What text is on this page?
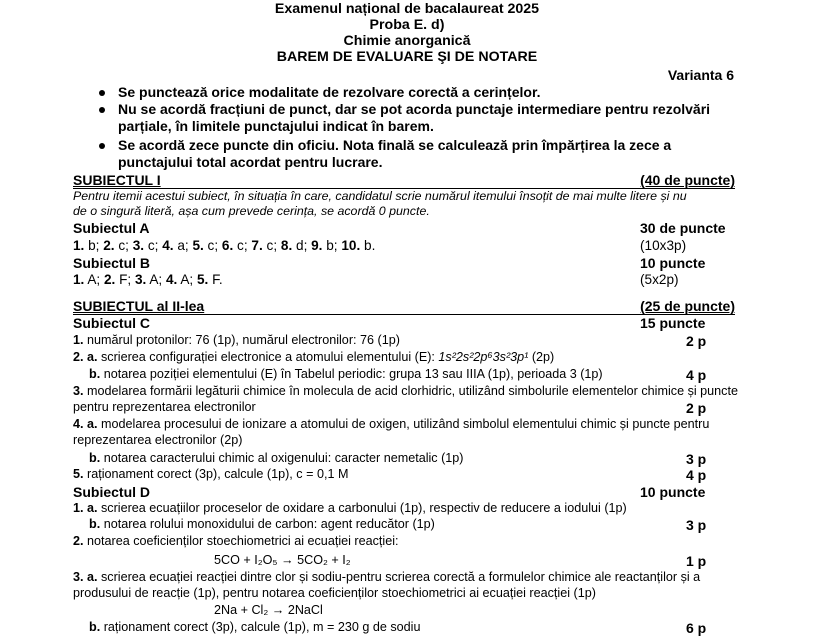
Examenul național de bacalaureat 2025
Proba E. d)
Chimie anorganică
BAREM DE EVALUARE ŞI DE NOTARE
Varianta 6
Se punctează orice modalitate de rezolvare corectă a cerințelor.
Nu se acordă fracțiuni de punct, dar se pot acorda punctaje intermediare pentru rezolvări
parțiale, în limitele punctajului indicat în barem.
Se acordă zece puncte din oficiu. Nota finală se calculează prin împărțirea la zece a
punctajului total acordat pentru lucrare.
SUBIECTUL I	(40 de puncte)
Pentru itemii acestui subiect, în situația în care, candidatul scrie numărul itemului însoțit de mai multe litere și nu
de o singură literă, așa cum prevede cerința, se acordă 0 puncte.
Subiectul A	30 de puncte
1. b; 2. c; 3. c; 4. a; 5. c; 6. c; 7. c; 8. d; 9. b; 10. b.	(10x3p)
Subiectul B	10 puncte
1. A; 2. F; 3. A; 4. A; 5. F.	(5x2p)
SUBIECTUL al II-lea	(25 de puncte)
Subiectul C	15 puncte
1. numărul protonilor: 76 (1p), numărul electronilor: 76 (1p)	2 p
2. a. scrierea configurației electronice a atomului elementului (E): 1s²2s²2p⁶3s²3p¹ (2p)
b. notarea poziției elementului (E) în Tabelul periodic: grupa 13 sau IIIA (1p), perioada 3 (1p)	4 p
3. modelarea formării legăturii chimice în molecula de acid clorhidric, utilizând simbolurile elementelor chimice și puncte
pentru reprezentarea electronilor	2 p
4. a. modelarea procesului de ionizare a atomului de oxigen, utilizând simbolul elementului chimic și puncte pentru
reprezentarea electronilor (2p)
b. notarea caracterului chimic al oxigenului: caracter nemetalic (1p)	3 p
5. raționament corect (3p), calcule (1p), c = 0,1 M	4 p
Subiectul D	10 puncte
1. a. scrierea ecuațiilor proceselor de oxidare a carbonului (1p), respectiv de reducere a iodului (1p)
b. notarea rolului monoxidului de carbon: agent reducător (1p)	3 p
2. notarea coeficienților stoechiometrici ai ecuației reacției:
5CO + I₂O₅ → 5CO₂ + I₂	1 p
3. a. scrierea ecuației reacției dintre clor și sodiu-pentru scrierea corectă a formulelor chimice ale reactanților și a
produsului de reacție (1p), pentru notarea coeficienților stoechiometrici ai ecuației reacției (1p)
2Na + Cl₂ → 2NaCl
b. raționament corect (3p), calcule (1p), m = 230 g de sodiu	6 p
